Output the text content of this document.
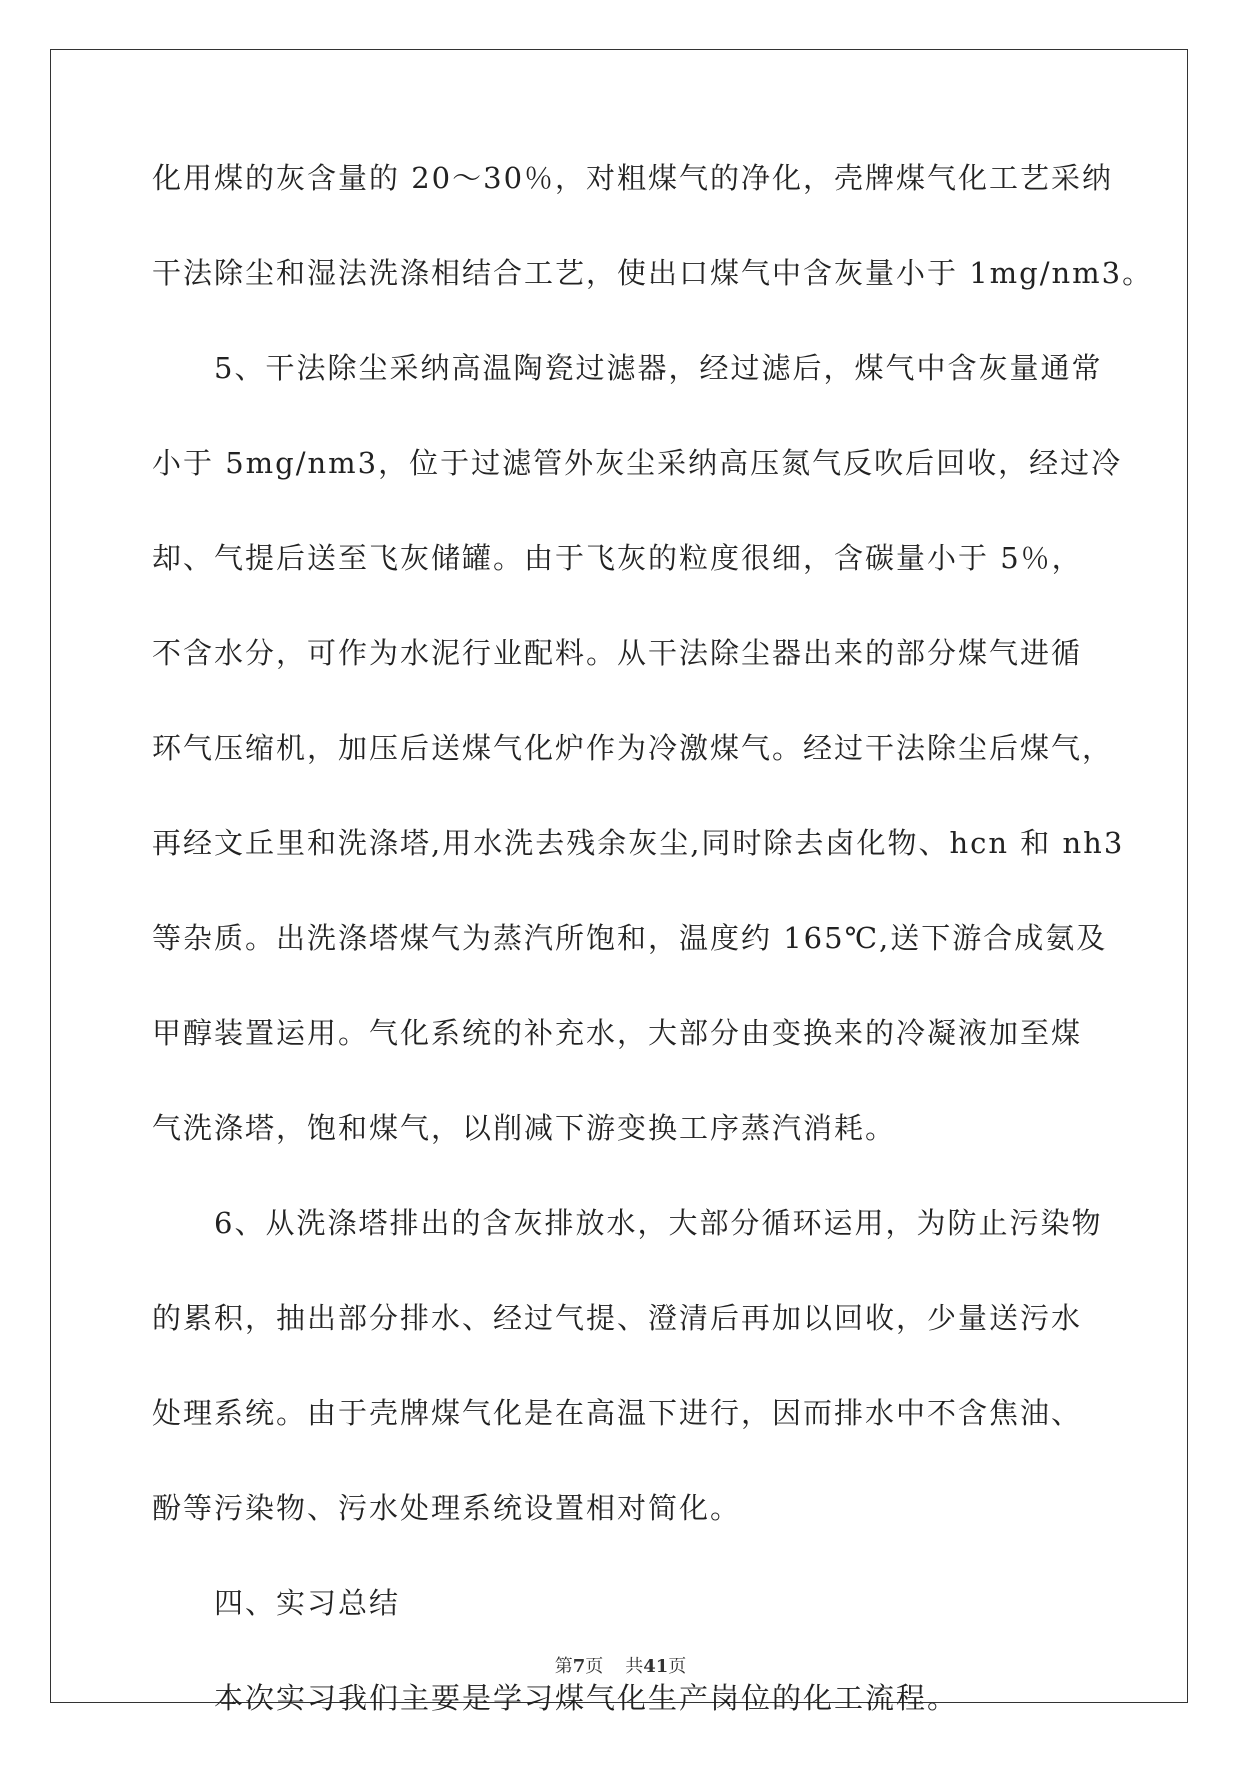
化用煤的灰含量的 20～30％，对粗煤气的净化，壳牌煤气化工艺采纳
干法除尘和湿法洗涤相结合工艺，使出口煤气中含灰量小于 1mg/nm3。
5、干法除尘采纳高温陶瓷过滤器，经过滤后，煤气中含灰量通常
小于 5mg/nm3，位于过滤管外灰尘采纳高压氮气反吹后回收，经过冷
却、气提后送至飞灰储罐。由于飞灰的粒度很细，含碳量小于 5％，
不含水分，可作为水泥行业配料。从干法除尘器出来的部分煤气进循
环气压缩机，加压后送煤气化炉作为冷激煤气。经过干法除尘后煤气，
再经文丘里和洗涤塔,用水洗去残余灰尘,同时除去卤化物、hcn 和 nh3
等杂质。出洗涤塔煤气为蒸汽所饱和，温度约 165℃,送下游合成氨及
甲醇装置运用。气化系统的补充水，大部分由变换来的冷凝液加至煤
气洗涤塔，饱和煤气，以削减下游变换工序蒸汽消耗。
6、从洗涤塔排出的含灰排放水，大部分循环运用，为防止污染物
的累积，抽出部分排水、经过气提、澄清后再加以回收，少量送污水
处理系统。由于壳牌煤气化是在高温下进行，因而排水中不含焦油、
酚等污染物、污水处理系统设置相对简化。
四、实习总结
本次实习我们主要是学习煤气化生产岗位的化工流程。
第7页 共41页
